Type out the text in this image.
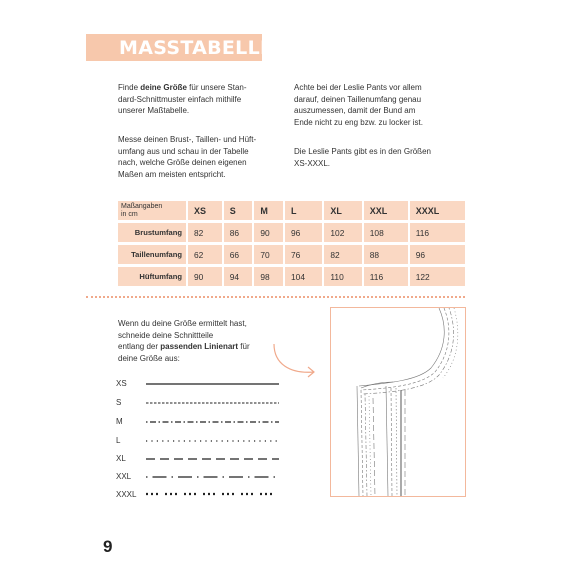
MASSTABELLE
Finde deine Größe für unsere Stan-
dard-Schnittmuster einfach mithilfe
unserer Maßtabelle.
Messe deinen Brust-, Taillen- und Hüft-
umfang aus und schau in der Tabelle
nach, welche Größe deinen eigenen
Maßen am meisten entspricht.
Achte bei der Leslie Pants vor allem
darauf, deinen Taillenumfang genau
auszumessen, damit der Bund am
Ende nicht zu eng bzw. zu locker ist.
Die Leslie Pants gibt es in den Größen
XS-XXXL.
Maßangaben
in cm	XS	S	M	L	XL	XXL	XXXL
Brustumfang	82	86	90	96	102	108	116
Taillenumfang	62	66	70	76	82	88	96
Hüftumfang	90	94	98	104	110	116	122
Wenn du deine Größe ermittelt hast,
schneide deine Schnittteile
entlang der passenden Linienart für
deine Größe aus:
XS
S
M
L
XL
XXL
XXXL
9
